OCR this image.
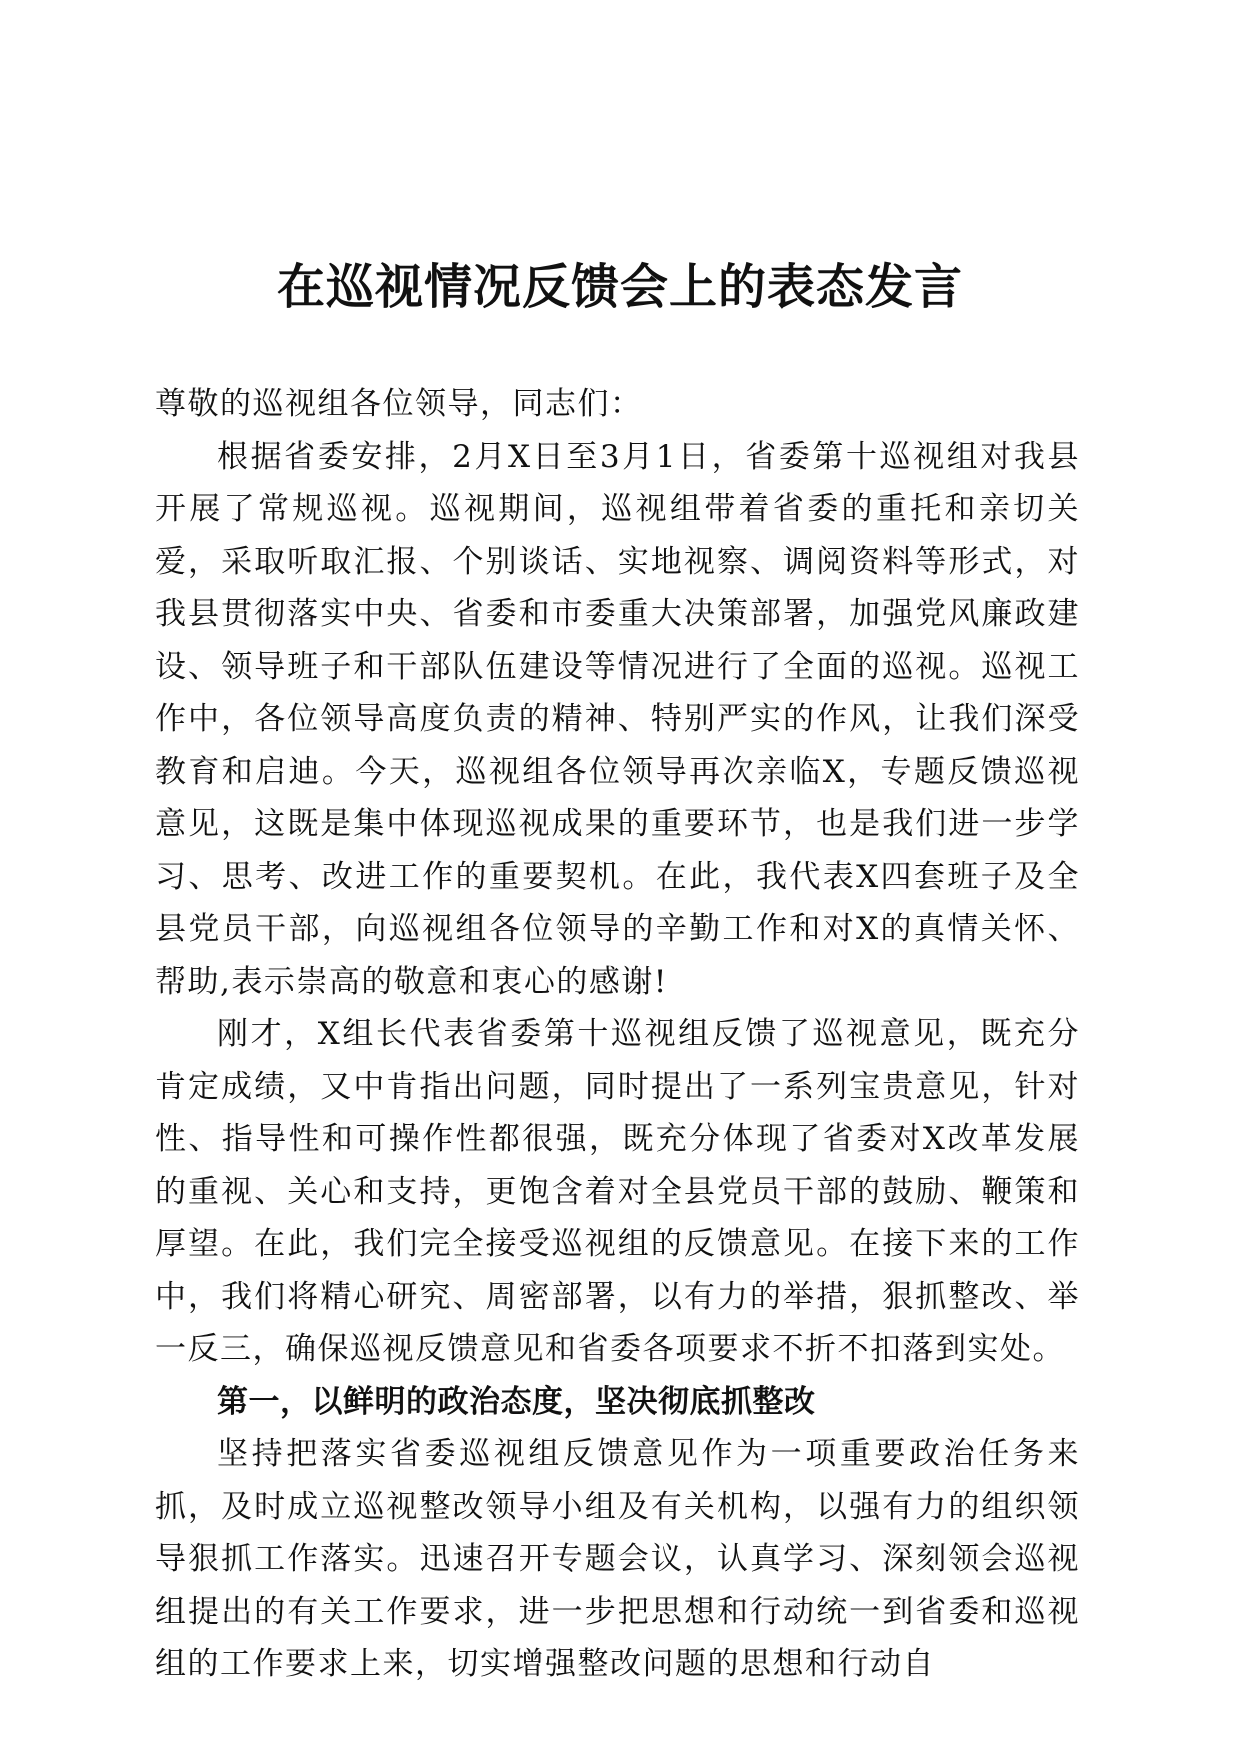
在巡视情况反馈会上的表态发言

尊敬的巡视组各位领导，同志们：

根据省委安排，2月X日至3月1日，省委第十巡视组对我县开展了常规巡视。巡视期间，巡视组带着省委的重托和亲切关爱，采取听取汇报、个别谈话、实地视察、调阅资料等形式，对我县贯彻落实中央、省委和市委重大决策部署，加强党风廉政建设、领导班子和干部队伍建设等情况进行了全面的巡视。巡视工作中，各位领导高度负责的精神、特别严实的作风，让我们深受教育和启迪。今天，巡视组各位领导再次亲临X，专题反馈巡视意见，这既是集中体现巡视成果的重要环节，也是我们进一步学习、思考、改进工作的重要契机。在此，我代表X四套班子及全县党员干部，向巡视组各位领导的辛勤工作和对X的真情关怀、帮助,表示崇高的敬意和衷心的感谢!

刚才，X组长代表省委第十巡视组反馈了巡视意见，既充分肯定成绩，又中肯指出问题，同时提出了一系列宝贵意见，针对性、指导性和可操作性都很强，既充分体现了省委对X改革发展的重视、关心和支持，更饱含着对全县党员干部的鼓励、鞭策和厚望。在此，我们完全接受巡视组的反馈意见。在接下来的工作中，我们将精心研究、周密部署，以有力的举措，狠抓整改、举一反三，确保巡视反馈意见和省委各项要求不折不扣落到实处。

第一，以鲜明的政治态度，坚决彻底抓整改

坚持把落实省委巡视组反馈意见作为一项重要政治任务来抓，及时成立巡视整改领导小组及有关机构，以强有力的组织领导狠抓工作落实。迅速召开专题会议，认真学习、深刻领会巡视组提出的有关工作要求，进一步把思想和行动统一到省委和巡视组的工作要求上来，切实增强整改问题的思想和行动自
